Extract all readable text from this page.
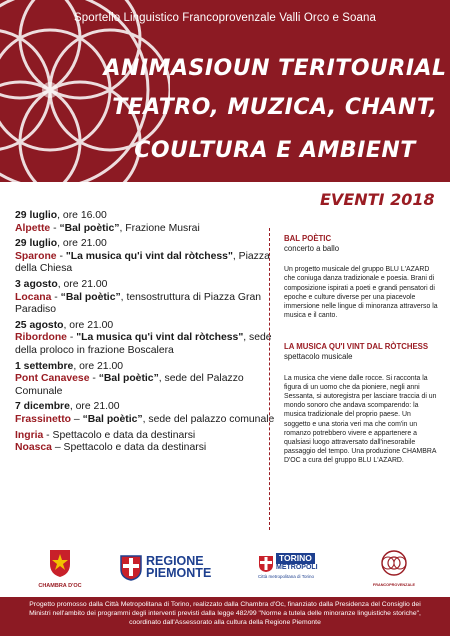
Sportello Linguistico Francoprovenzale Valli Orco e Soana
ANIMASIOUN TERITOURIAL
TEATRO, MUZICA, CHANT,
COULTURA E AMBIENT
EVENTI 2018
29 luglio, ore 16.00
Alpette - “Bal poètic”, Frazione Musrai
29 luglio, ore 21.00
Sparone - "La musica qu'i vint dal ròtchess", Piazza della Chiesa
3 agosto, ore 21.00
Locana - “Bal poètic”, tensostruttura di Piazza Gran Paradiso
25 agosto, ore 21.00
Ribordone - "La musica qu'i vint dal ròtchess", sede della proloco in frazione Boscalera
1 settembre, ore 21.00
Pont Canavese - “Bal poètic”, sede del Palazzo Comunale
7 dicembre, ore 21.00
Frassinetto – “Bal poètic”, sede del palazzo comunale
Ingria - Spettacolo e data da destinarsi
Noasca – Spettacolo e data da destinarsi
BAL POÈTIC
concerto a ballo

Un progetto musicale del gruppo BLU L'AZARD che coniuga danza tradizionale e poesia. Brani di composizione ispirati a poeti e grandi pensatori di epoche e culture diverse per una piacevole immersione nelle lingue di minoranza attraverso la musica e il canto.

LA MUSICA QU'I VINT DAL RÒTCHESS
spettacolo musicale

La musica che viene dalle rocce. Si racconta la figura di un uomo che da pioniere, negli anni Sessanta, si autoregistra per lasciare traccia di un mondo sonoro che andava scomparendo: la musica tradizionale del proprio paese. Un soggetto e una storia veri ma che com'in un romanzo potrebbero vivere e appartenere a qualsiasi luogo attraversato dall'inesorabile passaggio del tempo. Una produzione CHAMBRA D'OC a cura del gruppo BLU L'AZARD.

CHAMBRA D'OC
REGIONE
PIEMONTE
TORINO
METROPOLI
Città metropolitana di Torino
FRANCOPROVENZALE
Progetto promosso dalla Città Metropolitana di Torino, realizzato dalla Chambra d'Oc, finanziato dalla Presidenza del Consiglio dei Ministri nell'ambito dei programmi degli interventi previsti dalla legge 482/99 "Norme a tutela delle minoranze linguistiche storiche", coordinato dall'Assessorato alla cultura della Regione Piemonte
